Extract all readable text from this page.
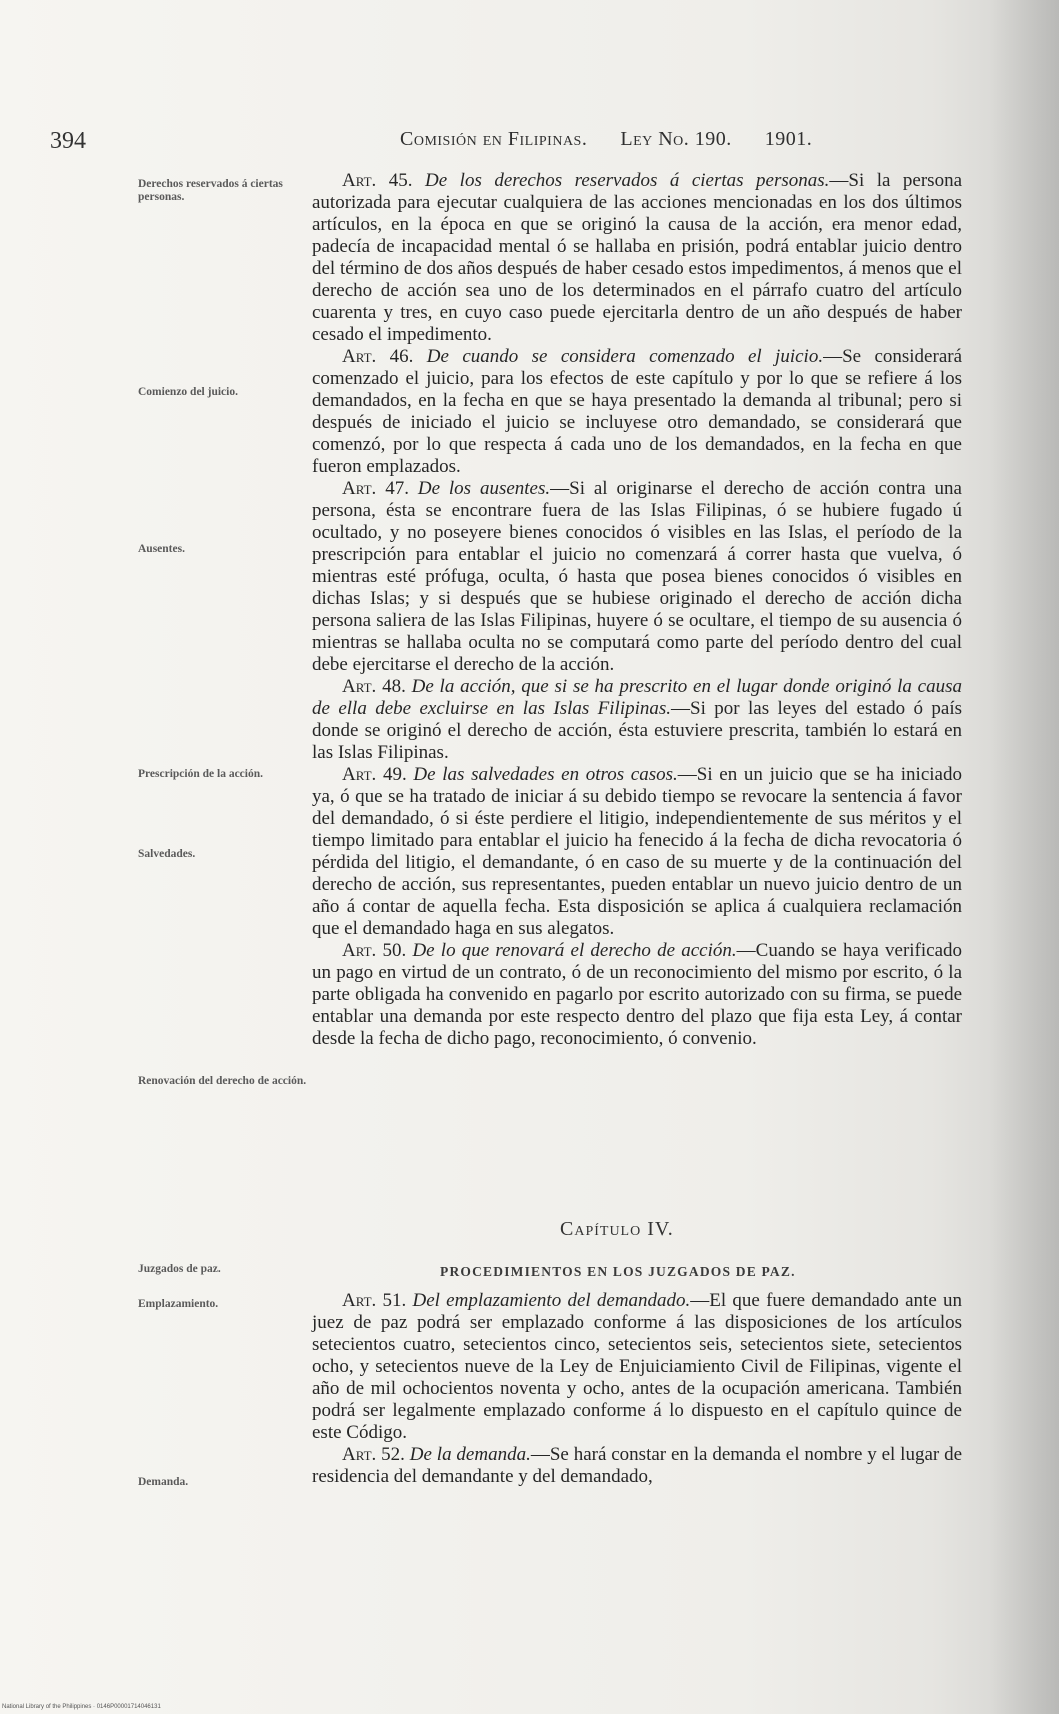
394	Comisión en Filipinas. Ley No. 190. 1901.
Derechos reservados á ciertas personas.
Comienzo del juicio.
Ausentes.
Prescripción de la acción.
Salvedades.
Renovación del derecho de acción.
Juzgados de paz.
Emplazamiento.
Demanda.

Art. 45. De los derechos reservados á ciertas personas.—Si la persona autorizada para ejecutar cualquiera de las acciones mencionadas en los dos últimos artículos, en la época en que se originó la causa de la acción, era menor edad, padecía de incapacidad mental ó se hallaba en prisión, podrá entablar juicio dentro del término de dos años después de haber cesado estos impedimentos, á menos que el derecho de acción sea uno de los determinados en el párrafo cuatro del artículo cuarenta y tres, en cuyo caso puede ejercitarla dentro de un año después de haber cesado el impedimento.

Art. 46. De cuando se considera comenzado el juicio.—Se considerará comenzado el juicio, para los efectos de este capítulo y por lo que se refiere á los demandados, en la fecha en que se haya presentado la demanda al tribunal; pero si después de iniciado el juicio se incluyese otro demandado, se considerará que comenzó, por lo que respecta á cada uno de los demandados, en la fecha en que fueron emplazados.

Art. 47. De los ausentes.—Si al originarse el derecho de acción contra una persona, ésta se encontrare fuera de las Islas Filipinas, ó se hubiere fugado ú ocultado, y no poseyere bienes conocidos ó visibles en las Islas, el período de la prescripción para entablar el juicio no comenzará á correr hasta que vuelva, ó mientras esté prófuga, oculta, ó hasta que posea bienes conocidos ó visibles en dichas Islas; y si después que se hubiese originado el derecho de acción dicha persona saliera de las Islas Filipinas, huyere ó se ocultare, el tiempo de su ausencia ó mientras se hallaba oculta no se computará como parte del período dentro del cual debe ejercitarse el derecho de la acción.

Art. 48. De la acción, que si se ha prescrito en el lugar donde originó la causa de ella debe excluirse en las Islas Filipinas.—Si por las leyes del estado ó país donde se originó el derecho de acción, ésta estuviere prescrita, también lo estará en las Islas Filipinas.

Art. 49. De las salvedades en otros casos.—Si en un juicio que se ha iniciado ya, ó que se ha tratado de iniciar á su debido tiempo se revocare la sentencia á favor del demandado, ó si éste perdiere el litigio, independientemente de sus méritos y el tiempo limitado para entablar el juicio ha fenecido á la fecha de dicha revocatoria ó pérdida del litigio, el demandante, ó en caso de su muerte y de la continuación del derecho de acción, sus representantes, pueden entablar un nuevo juicio dentro de un año á contar de aquella fecha. Esta disposición se aplica á cualquiera reclamación que el demandado haga en sus alegatos.

Art. 50. De lo que renovará el derecho de acción.—Cuando se haya verificado un pago en virtud de un contrato, ó de un reconocimiento del mismo por escrito, ó la parte obligada ha convenido en pagarlo por escrito autorizado con su firma, se puede entablar una demanda por este respecto dentro del plazo que fija esta Ley, á contar desde la fecha de dicho pago, reconocimiento, ó convenio.

Capítulo IV.
PROCEDIMIENTOS EN LOS JUZGADOS DE PAZ.

Art. 51. Del emplazamiento del demandado.—El que fuere demandado ante un juez de paz podrá ser emplazado conforme á las disposiciones de los artículos setecientos cuatro, setecientos cinco, setecientos seis, setecientos siete, setecientos ocho, y setecientos nueve de la Ley de Enjuiciamiento Civil de Filipinas, vigente el año de mil ochocientos noventa y ocho, antes de la ocupación americana. También podrá ser legalmente emplazado conforme á lo dispuesto en el capítulo quince de este Código.

Art. 52. De la demanda.—Se hará constar en la demanda el nombre y el lugar de residencia del demandante y del demandado,

National Library of the Philippines · 0146P00001714046131
